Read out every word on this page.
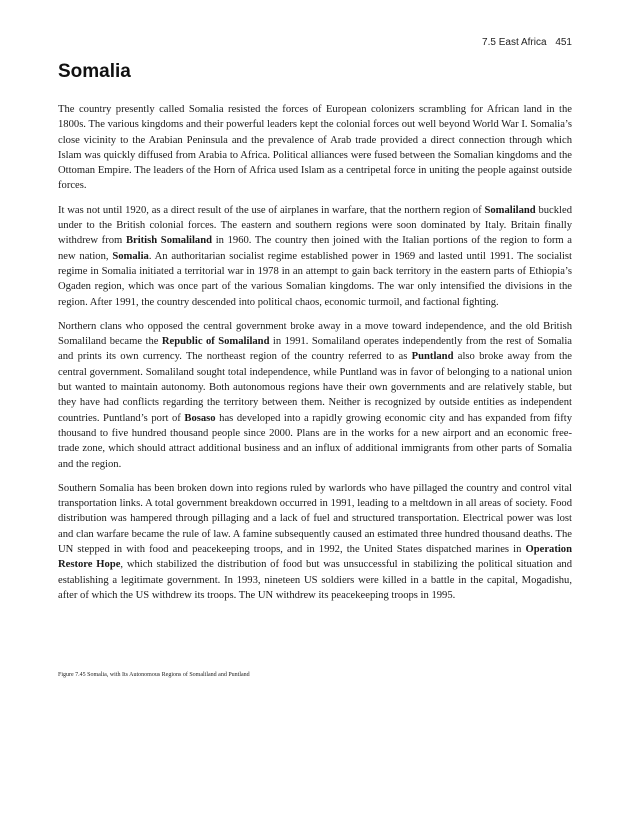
7.5 East Africa 451
Somalia

The country presently called Somalia resisted the forces of European colonizers scrambling for African land in the 1800s. The various kingdoms and their powerful leaders kept the colonial forces out well beyond World War I. Somalia’s close vicinity to the Arabian Peninsula and the prevalence of Arab trade provided a direct connection through which Islam was quickly diffused from Arabia to Africa. Political alliances were fused between the Somalian kingdoms and the Ottoman Empire. The leaders of the Horn of Africa used Islam as a centripetal force in uniting the people against outside forces.

It was not until 1920, as a direct result of the use of airplanes in warfare, that the northern region of Somaliland buckled under to the British colonial forces. The eastern and southern regions were soon dominated by Italy. Britain finally withdrew from British Somaliland in 1960. The country then joined with the Italian portions of the region to form a new nation, Somalia. An authoritarian socialist regime established power in 1969 and lasted until 1991. The socialist regime in Somalia initiated a territorial war in 1978 in an attempt to gain back territory in the eastern parts of Ethiopia’s Ogaden region, which was once part of the various Somalian kingdoms. The war only intensified the divisions in the region. After 1991, the country descended into political chaos, economic turmoil, and factional fighting.

Northern clans who opposed the central government broke away in a move toward independence, and the old British Somaliland became the Republic of Somaliland in 1991. Somaliland operates independently from the rest of Somalia and prints its own currency. The northeast region of the country referred to as Puntland also broke away from the central government. Somaliland sought total independence, while Puntland was in favor of belonging to a national union but wanted to maintain autonomy. Both autonomous regions have their own governments and are relatively stable, but they have had conflicts regarding the territory between them. Neither is recognized by outside entities as independent countries. Puntland’s port of Bosaso has developed into a rapidly growing economic city and has expanded from fifty thousand to five hundred thousand people since 2000. Plans are in the works for a new airport and an economic free-trade zone, which should attract additional business and an influx of additional immigrants from other parts of Somalia and the region.

Southern Somalia has been broken down into regions ruled by warlords who have pillaged the country and control vital transportation links. A total government breakdown occurred in 1991, leading to a meltdown in all areas of society. Food distribution was hampered through pillaging and a lack of fuel and structured transportation. Electrical power was lost and clan warfare became the rule of law. A famine subsequently caused an estimated three hundred thousand deaths. The UN stepped in with food and peacekeeping troops, and in 1992, the United States dispatched marines in Operation Restore Hope, which stabilized the distribution of food but was unsuccessful in stabilizing the political situation and establishing a legitimate government. In 1993, nineteen US soldiers were killed in a battle in the capital, Mogadishu, after of which the US withdrew its troops. The UN withdrew its peacekeeping troops in 1995.

Figure 7.45 Somalia, with Its Autonomous Regions of Somaliland and Puntland
